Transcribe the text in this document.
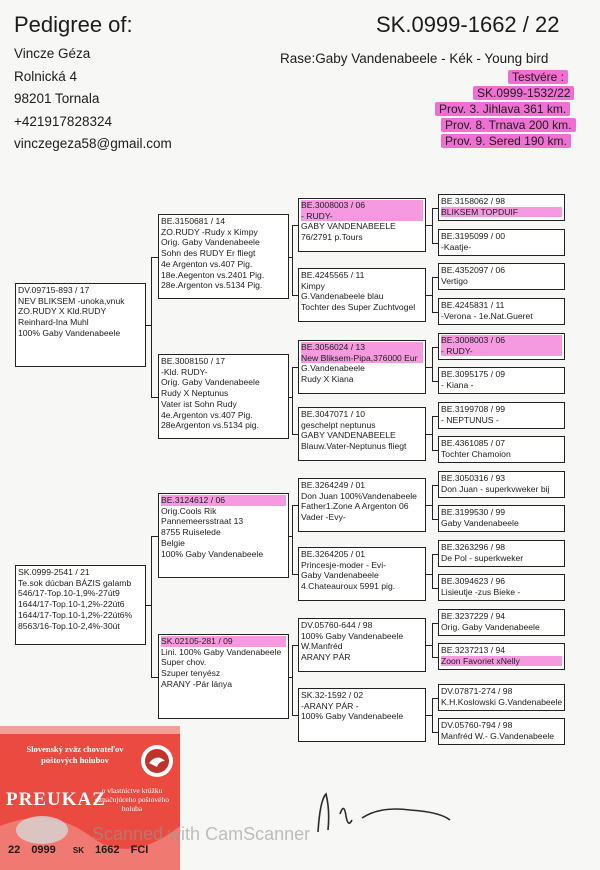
Pedigree of:	SK.0999-1662 / 22
Vincze Géza
Rolnická 4
98201 Tornala
+421917828324
vinczegeza58@gmail.com
Rase:Gaby Vandenabeele - Kék - Young bird
Testvére :
SK.0999-1532/22
Prov. 3. Jihlava 361 km.
Prov. 8. Trnava 200 km.
Prov. 9. Sered 190 km.
BE.3158062 / 98
BLIKSEM TOPDUIF
BE.3195099 / 00
-Kaatje-
BE.4352097 / 06
Vertigo
BE.4245831 / 11
-Verona - 1e.Nat.Gueret
BE.3008003 / 06
- RUDY-
BE.3095175 / 09
- Kiana -
BE.3199708 / 99
- NEPTUNUS -
BE.4361085 / 07
Tochter Chamoion
BE.3050316 / 93
Don Juan - superkvweker bij
BE.3199530 / 99
Gaby Vandenabeele
BE.3263296 / 98
De Pol - superkweker
BE.3094623 / 96
Lisieutje -zus Bieke -
BE.3237229 / 94
Orig. Gaby Vandenabeele
BE.3237213 / 94
Zoon Favoriet xNelly
DV.07871-274 / 98
K.H.Koslowski G.Vandenabeele
DV.05760-794 / 98
Manfréd W.- G.Vandenabeele
BE.3008003 / 06
- RUDY-
GABY VANDENABEELE
76/2791 p.Tours
BE.4245565 / 11
Kimpy
G.Vandenabeele blau
Tochter des Super Zuchtvogel
BE.3056024 / 13
New Bliksem-Pipa,376000 Eur
G.Vandenabeele
Rudy X Kiana
BE.3047071 / 10
geschelpt neptunus
GABY VANDENABEELE
Blauw.Vater-Neptunus fliegt
BE.3264249 / 01
Don Juan 100%Vandenabeele
Father1.Zone A Argenton 06
Vader -Evy-
BE.3264205 / 01
Princesje-moder - Evi-
Gaby Vandenabeele
4.Chateauroux 5991 pig.
DV.05760-644 / 98
100% Gaby Vandenabeele
W.Manfréd
ARANY PÁR
SK.32-1592 / 02
-ARANY PÁR -
100% Gaby Vandenabeele
BE.3150681 / 14
ZO.RUDY -Rudy x Kimpy
Orig. Gaby Vandenabeele
Sohn des RUDY Er fliegt
4e Argenton vs.407 Pig.
18e.Aegenton vs.2401 Pig.
28e.Argenton vs.5134 Pig.
BE.3008150 / 17
-Kld. RUDY-
Orig. Gaby Vandenabeele
Rudy X Neptunus
Vater ist Sohn Rudy
4e.Argenton vs.407 Pig.
28eArgenton vs.5134 pig.
BE.3124612 / 06
Orig.Cools Rik
Pannemeersstraat 13
8755 Ruiselede
Belgie
100% Gaby Vandenabeele
SK.02105-281 / 09
Lini. 100% Gaby Vandenabeele
Super chov.
Szuper tenyész
ARANY -Pár lánya
DV.09715-893 / 17
NEV BLIKSEM -unoka,vnuk
ZO.RUDY X Kld.RUDY
Reinhard-Ina Muhl
100% Gaby Vandenabeele
SK.0999-2541 / 21
Te.sok dúcban BÁZIS galamb
546/17-Top.10-1,9%-27út9
1644/17-Top.10-1,2%-22út6
1644/17-Top.10-1,2%-22út6%
8563/16-Top.10-2,4%-30út
Slovenský zväz chovateľov poštových holubov
PREUKAZ
o vlastníctve krúžku označujúceho poštového holuba
22 0999 SK 1662 FCI
Scanned with CamScanner
